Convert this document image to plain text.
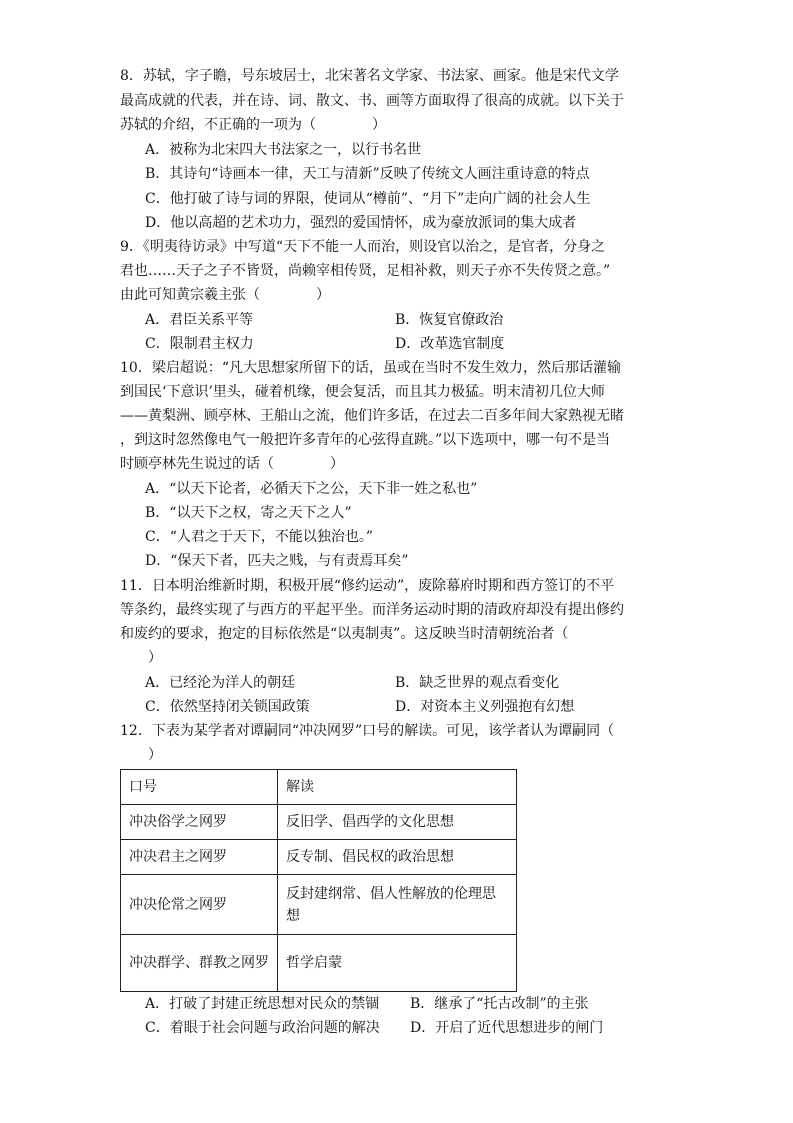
8．苏轼，字子瞻，号东坡居士，北宋著名文学家、书法家、画家。他是宋代文学
最高成就的代表，并在诗、词、散文、书、画等方面取得了很高的成就。以下关于
苏轼的介绍，不正确的一项为（　　　　）
A．被称为北宋四大书法家之一，以行书名世
B．其诗句“诗画本一律，天工与清新”反映了传统文人画注重诗意的特点
C．他打破了诗与词的界限，使词从“樽前”、“月下”走向广阔的社会人生
D．他以高超的艺术功力，强烈的爱国情怀，成为豪放派词的集大成者
9．《明夷待访录》中写道“天下不能一人而治，则设官以治之，是官者，分身之
君也……天子之子不皆贤，尚赖宰相传贤，足相补救，则天子亦不失传贤之意。”
由此可知黄宗羲主张（　　　　）
A．君臣关系平等	B．恢复官僚政治
C．限制君主权力	D．改革选官制度
10．梁启超说：“凡大思想家所留下的话，虽或在当时不发生效力，然后那话灌输
到国民‘下意识’里头，碰着机缘，便会复活，而且其力极猛。明末清初几位大师
——黄梨洲、顾亭林、王船山之流，他们许多话，在过去二百多年间大家熟视无睹
，到这时忽然像电气一般把许多青年的心弦得直跳。”以下选项中，哪一句不是当
时顾亭林先生说过的话（　　　　）
A．“以天下论者，必循天下之公，天下非一姓之私也”
B．“以天下之权，寄之天下之人”
C．“人君之于天下，不能以独治也。”
D．“保天下者，匹夫之贱，与有责焉耳矣”
11．日本明治维新时期，积极开展“修约运动”，废除幕府时期和西方签订的不平
等条约，最终实现了与西方的平起平坐。而洋务运动时期的清政府却没有提出修约
和废约的要求，抱定的目标依然是“以夷制夷”。这反映当时清朝统治者（
　　）
A．已经沦为洋人的朝廷	B．缺乏世界的观点看变化
C．依然坚持闭关锁国政策	D．对资本主义列强抱有幻想
12．下表为某学者对谭嗣同“冲决网罗”口号的解读。可见，该学者认为谭嗣同（
　　）
口号	解读
冲决俗学之网罗	反旧学、倡西学的文化思想
冲决君主之网罗	反专制、倡民权的政治思想
冲决伦常之网罗	反封建纲常、倡人性解放的伦理思想
冲决群学、群教之网罗	哲学启蒙
A．打破了封建正统思想对民众的禁锢 B．继承了“托古改制”的主张
C．着眼于社会问题与政治问题的解决 D．开启了近代思想进步的闸门
